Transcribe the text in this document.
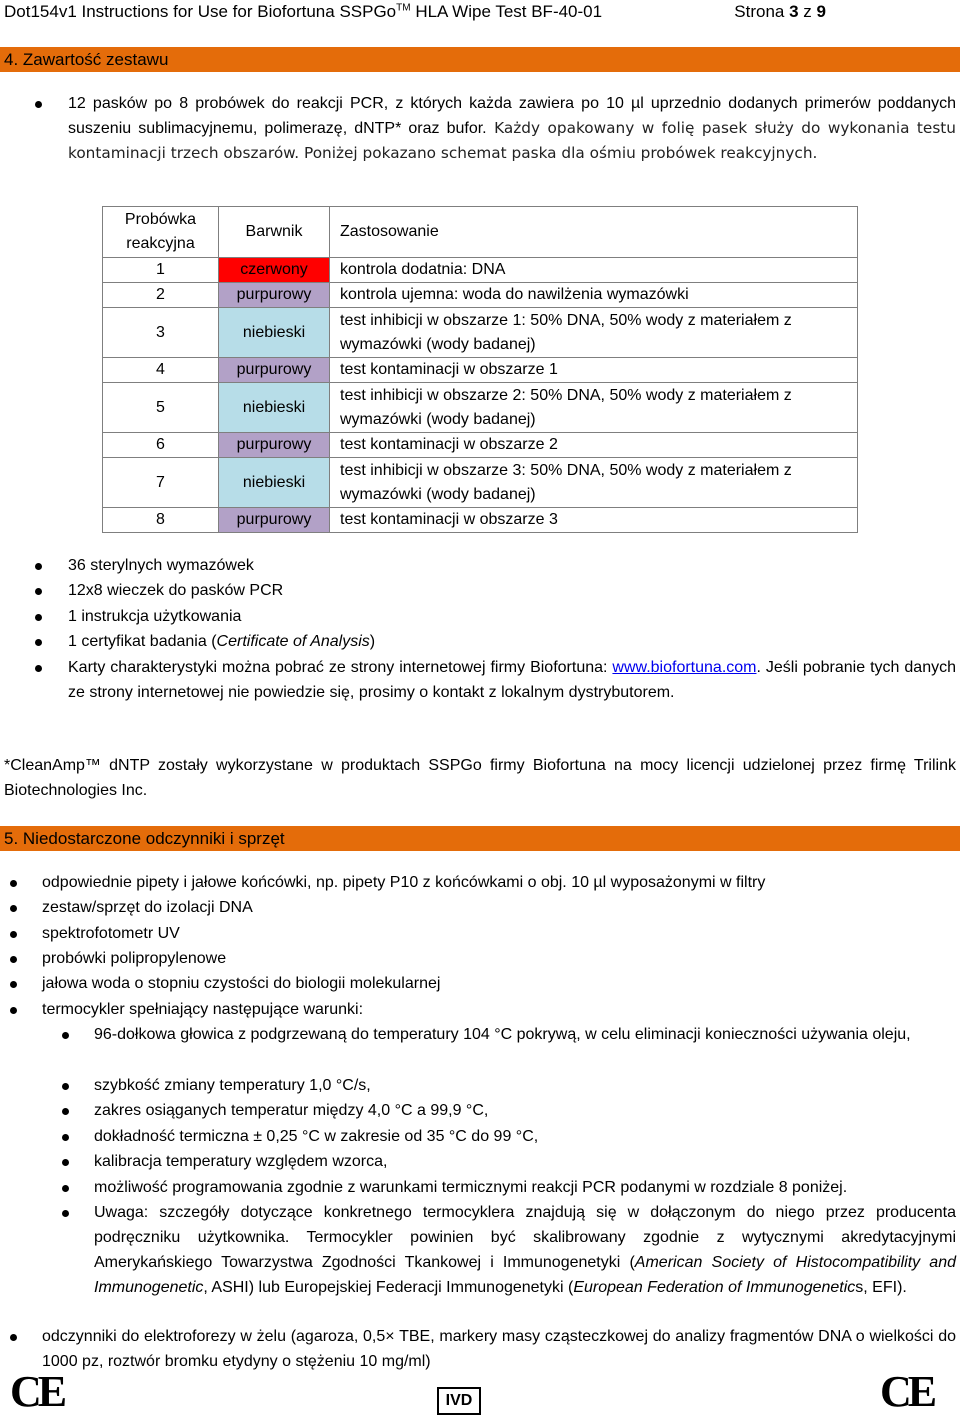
Dot154v1 Instructions for Use for Biofortuna SSPGo™ HLA Wipe Test BF-40-01	Strona 3 z 9
4. Zawartość zestawu
12 pasków po 8 probówek do reakcji PCR, z których każda zawiera po 10 µl uprzednio dodanych primerów poddanych suszeniu sublimacyjnemu, polimerazę, dNTP* oraz bufor. Każdy opakowany w folię pasek służy do wykonania testu kontaminacji trzech obszarów. Poniżej pokazano schemat paska dla ośmiu probówek reakcyjnych.
Probówka reakcyjna	Barwnik	Zastosowanie
1	czerwony	kontrola dodatnia: DNA
2	purpurowy	kontrola ujemna: woda do nawilżenia wymazówki
3	niebieski	test inhibicji w obszarze 1: 50% DNA, 50% wody z materiałem z wymazówki (wody badanej)
4	purpurowy	test kontaminacji w obszarze 1
5	niebieski	test inhibicji w obszarze 2: 50% DNA, 50% wody z materiałem z wymazówki (wody badanej)
6	purpurowy	test kontaminacji w obszarze 2
7	niebieski	test inhibicji w obszarze 3: 50% DNA, 50% wody z materiałem z wymazówki (wody badanej)
8	purpurowy	test kontaminacji w obszarze 3
36 sterylnych wymazówek
12x8 wieczek do pasków PCR
1 instrukcja użytkowania
1 certyfikat badania (Certificate of Analysis)
Karty charakterystyki można pobrać ze strony internetowej firmy Biofortuna: www.biofortuna.com. Jeśli pobranie tych danych ze strony internetowej nie powiedzie się, prosimy o kontakt z lokalnym dystrybutorem.
*CleanAmp™ dNTP zostały wykorzystane w produktach SSPGo firmy Biofortuna na mocy licencji udzielonej przez firmę Trilink Biotechnologies Inc.
5. Niedostarczone odczynniki i sprzęt
odpowiednie pipety i jałowe końcówki, np. pipety P10 z końcówkami o obj. 10 µl wyposażonymi w filtry
zestaw/sprzęt do izolacji DNA
spektrofotometr UV
probówki polipropylenowe
jałowa woda o stopniu czystości do biologii molekularnej
termocykler spełniający następujące warunki:
96-dołkowa głowica z podgrzewaną do temperatury 104 °C pokrywą, w celu eliminacji konieczności używania oleju,
szybkość zmiany temperatury 1,0 °C/s,
zakres osiąganych temperatur między 4,0 °C a 99,9 °C,
dokładność termiczna ± 0,25 °C w zakresie od 35 °C do 99 °C,
kalibracja temperatury względem wzorca,
możliwość programowania zgodnie z warunkami termicznymi reakcji PCR podanymi w rozdziale 8 poniżej.
Uwaga: szczegóły dotyczące konkretnego termocyklera znajdują się w dołączonym do niego przez producenta podręczniku użytkownika. Termocykler powinien być skalibrowany zgodnie z wytycznymi akredytacyjnymi Amerykańskiego Towarzystwa Zgodności Tkankowej i Immunogenetyki (American Society of Histocompatibility and Immunogenetic, ASHI) lub Europejskiej Federacji Immunogenetyki (European Federation of Immunogenetics, EFI).
odczynniki do elektroforezy w żelu (agaroza, 0,5× TBE, markery masy cząsteczkowej do analizy fragmentów DNA o wielkości do 1000 pz, roztwór bromku etydyny o stężeniu 10 mg/ml)
CE	IVD	CE
